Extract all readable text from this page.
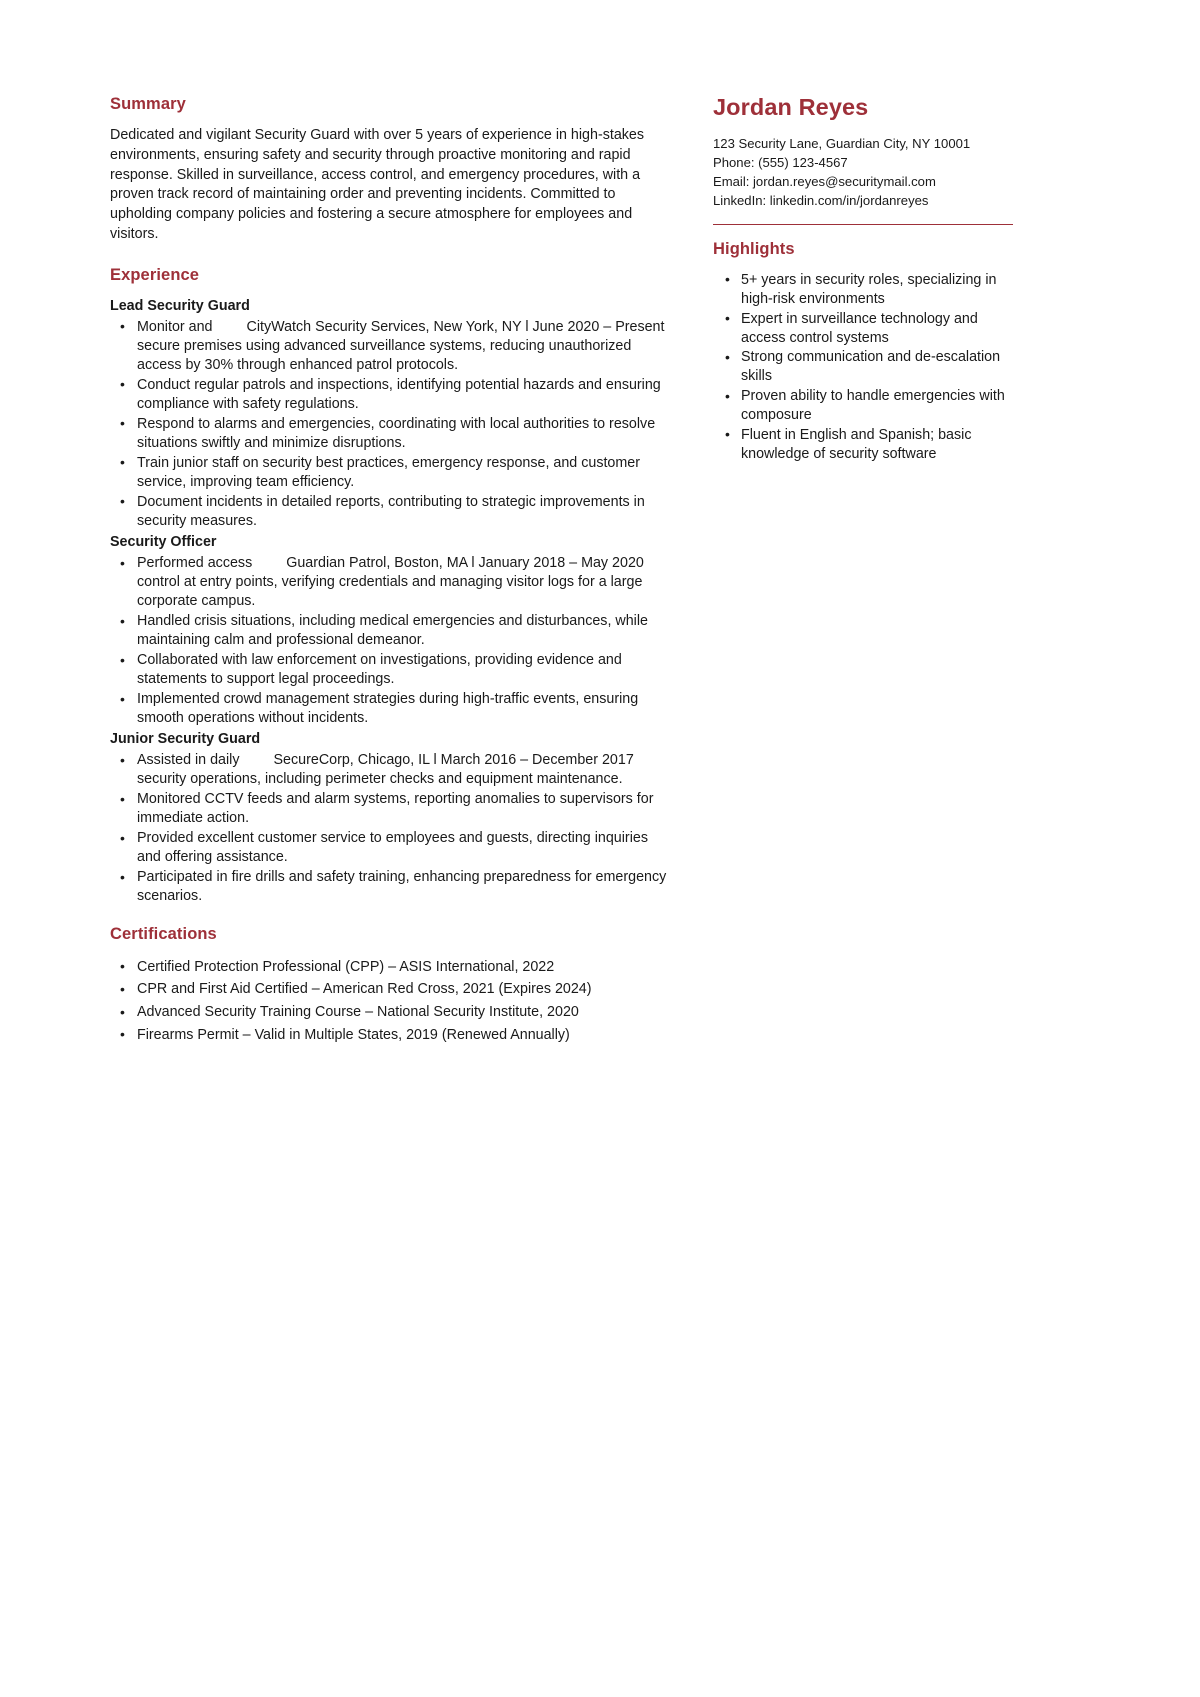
Summary

Dedicated and vigilant Security Guard with over 5 years of experience in high-stakes environments, ensuring safety and security through proactive monitoring and rapid response. Skilled in surveillance, access control, and emergency procedures, with a proven track record of maintaining order and preventing incidents. Committed to upholding company policies and fostering a secure atmosphere for employees and visitors.

Experience
Lead Security Guard
• Monitor and CityWatch Security Services, New York, NY l June 2020 – Present secure premises using advanced surveillance systems, reducing unauthorized access by 30% through enhanced patrol protocols.
• Conduct regular patrols and inspections, identifying potential hazards and ensuring compliance with safety regulations.
• Respond to alarms and emergencies, coordinating with local authorities to resolve situations swiftly and minimize disruptions.
• Train junior staff on security best practices, emergency response, and customer service, improving team efficiency.
• Document incidents in detailed reports, contributing to strategic improvements in security measures.
Security Officer
• Performed access Guardian Patrol, Boston, MA l January 2018 – May 2020 control at entry points, verifying credentials and managing visitor logs for a large corporate campus.
• Handled crisis situations, including medical emergencies and disturbances, while maintaining calm and professional demeanor.
• Collaborated with law enforcement on investigations, providing evidence and statements to support legal proceedings.
• Implemented crowd management strategies during high-traffic events, ensuring smooth operations without incidents.
Junior Security Guard
• Assisted in daily SecureCorp, Chicago, IL l March 2016 – December 2017 security operations, including perimeter checks and equipment maintenance.
• Monitored CCTV feeds and alarm systems, reporting anomalies to supervisors for immediate action.
• Provided excellent customer service to employees and guests, directing inquiries and offering assistance.
• Participated in fire drills and safety training, enhancing preparedness for emergency scenarios.
Certifications
• Certified Protection Professional (CPP) – ASIS International, 2022
• CPR and First Aid Certified – American Red Cross, 2021 (Expires 2024)
• Advanced Security Training Course – National Security Institute, 2020
• Firearms Permit – Valid in Multiple States, 2019 (Renewed Annually)
Jordan Reyes
123 Security Lane, Guardian City, NY 10001
Phone: (555) 123-4567
Email: jordan.reyes@securitymail.com
LinkedIn: linkedin.com/in/jordanreyes
Highlights
• 5+ years in security roles, specializing in high-risk environments
• Expert in surveillance technology and access control systems
• Strong communication and de-escalation skills
• Proven ability to handle emergencies with composure
• Fluent in English and Spanish; basic knowledge of security software
